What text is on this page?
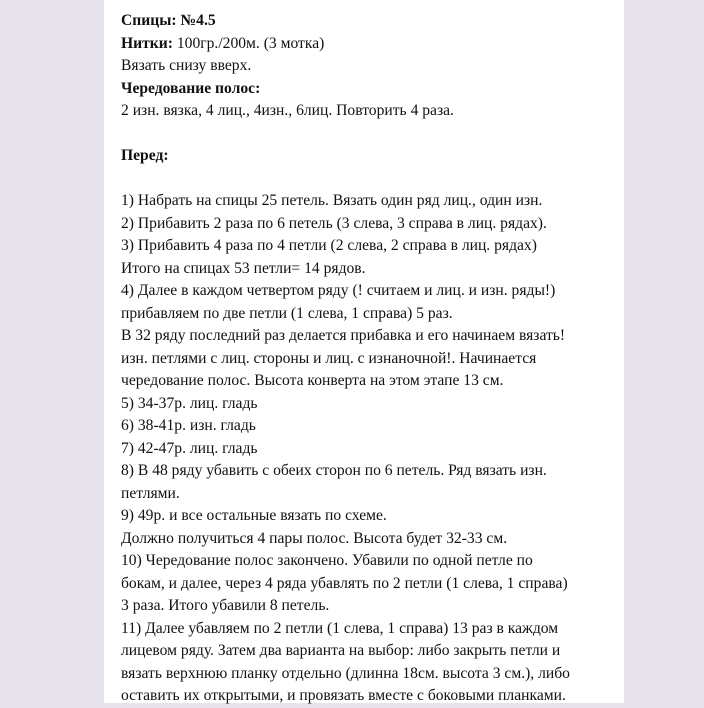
Спицы: №4.5
Нитки: 100гр./200м. (3 мотка)
Вязать снизу вверх.
Чередование полос:
2 изн. вязка, 4 лиц., 4изн., 6лиц. Повторить 4 раза.
Перед:
1) Набрать на спицы 25 петель. Вязать один ряд лиц., один изн.
2) Прибавить 2 раза по 6 петель (3 слева, 3 справа в лиц. рядах).
3) Прибавить 4 раза по 4 петли (2 слева, 2 справа в лиц. рядах)
Итого на спицах 53 петли= 14 рядов.
4) Далее в каждом четвертом ряду (! считаем и лиц. и изн. ряды!)
прибавляем по две петли (1 слева, 1 справа) 5 раз.
В 32 ряду последний раз делается прибавка и его начинаем вязать!
изн. петлями с лиц. стороны и лиц. с изнаночной!. Начинается
чередование полос. Высота конверта на этом этапе 13 см.
5) 34-37р. лиц. гладь
6) 38-41р. изн. гладь
7) 42-47р. лиц. гладь
8) В 48 ряду убавить с обеих сторон по 6 петель. Ряд вязать изн.
петлями.
9) 49р. и все остальные вязать по схеме.
Должно получиться 4 пары полос. Высота будет 32-33 см.
10) Чередование полос закончено. Убавили по одной петле по
бокам, и далее, через 4 ряда убавлять по 2 петли (1 слева, 1 справа)
3 раза. Итого убавили 8 петель.
11) Далее убавляем по 2 петли (1 слева, 1 справа) 13 раз в каждом
лицевом ряду. Затем два варианта на выбор: либо закрыть петли и
вязать верхнюю планку отдельно (длинна 18см. высота 3 см.), либо
оставить их открытыми, и провязать вместе с боковыми планками.
